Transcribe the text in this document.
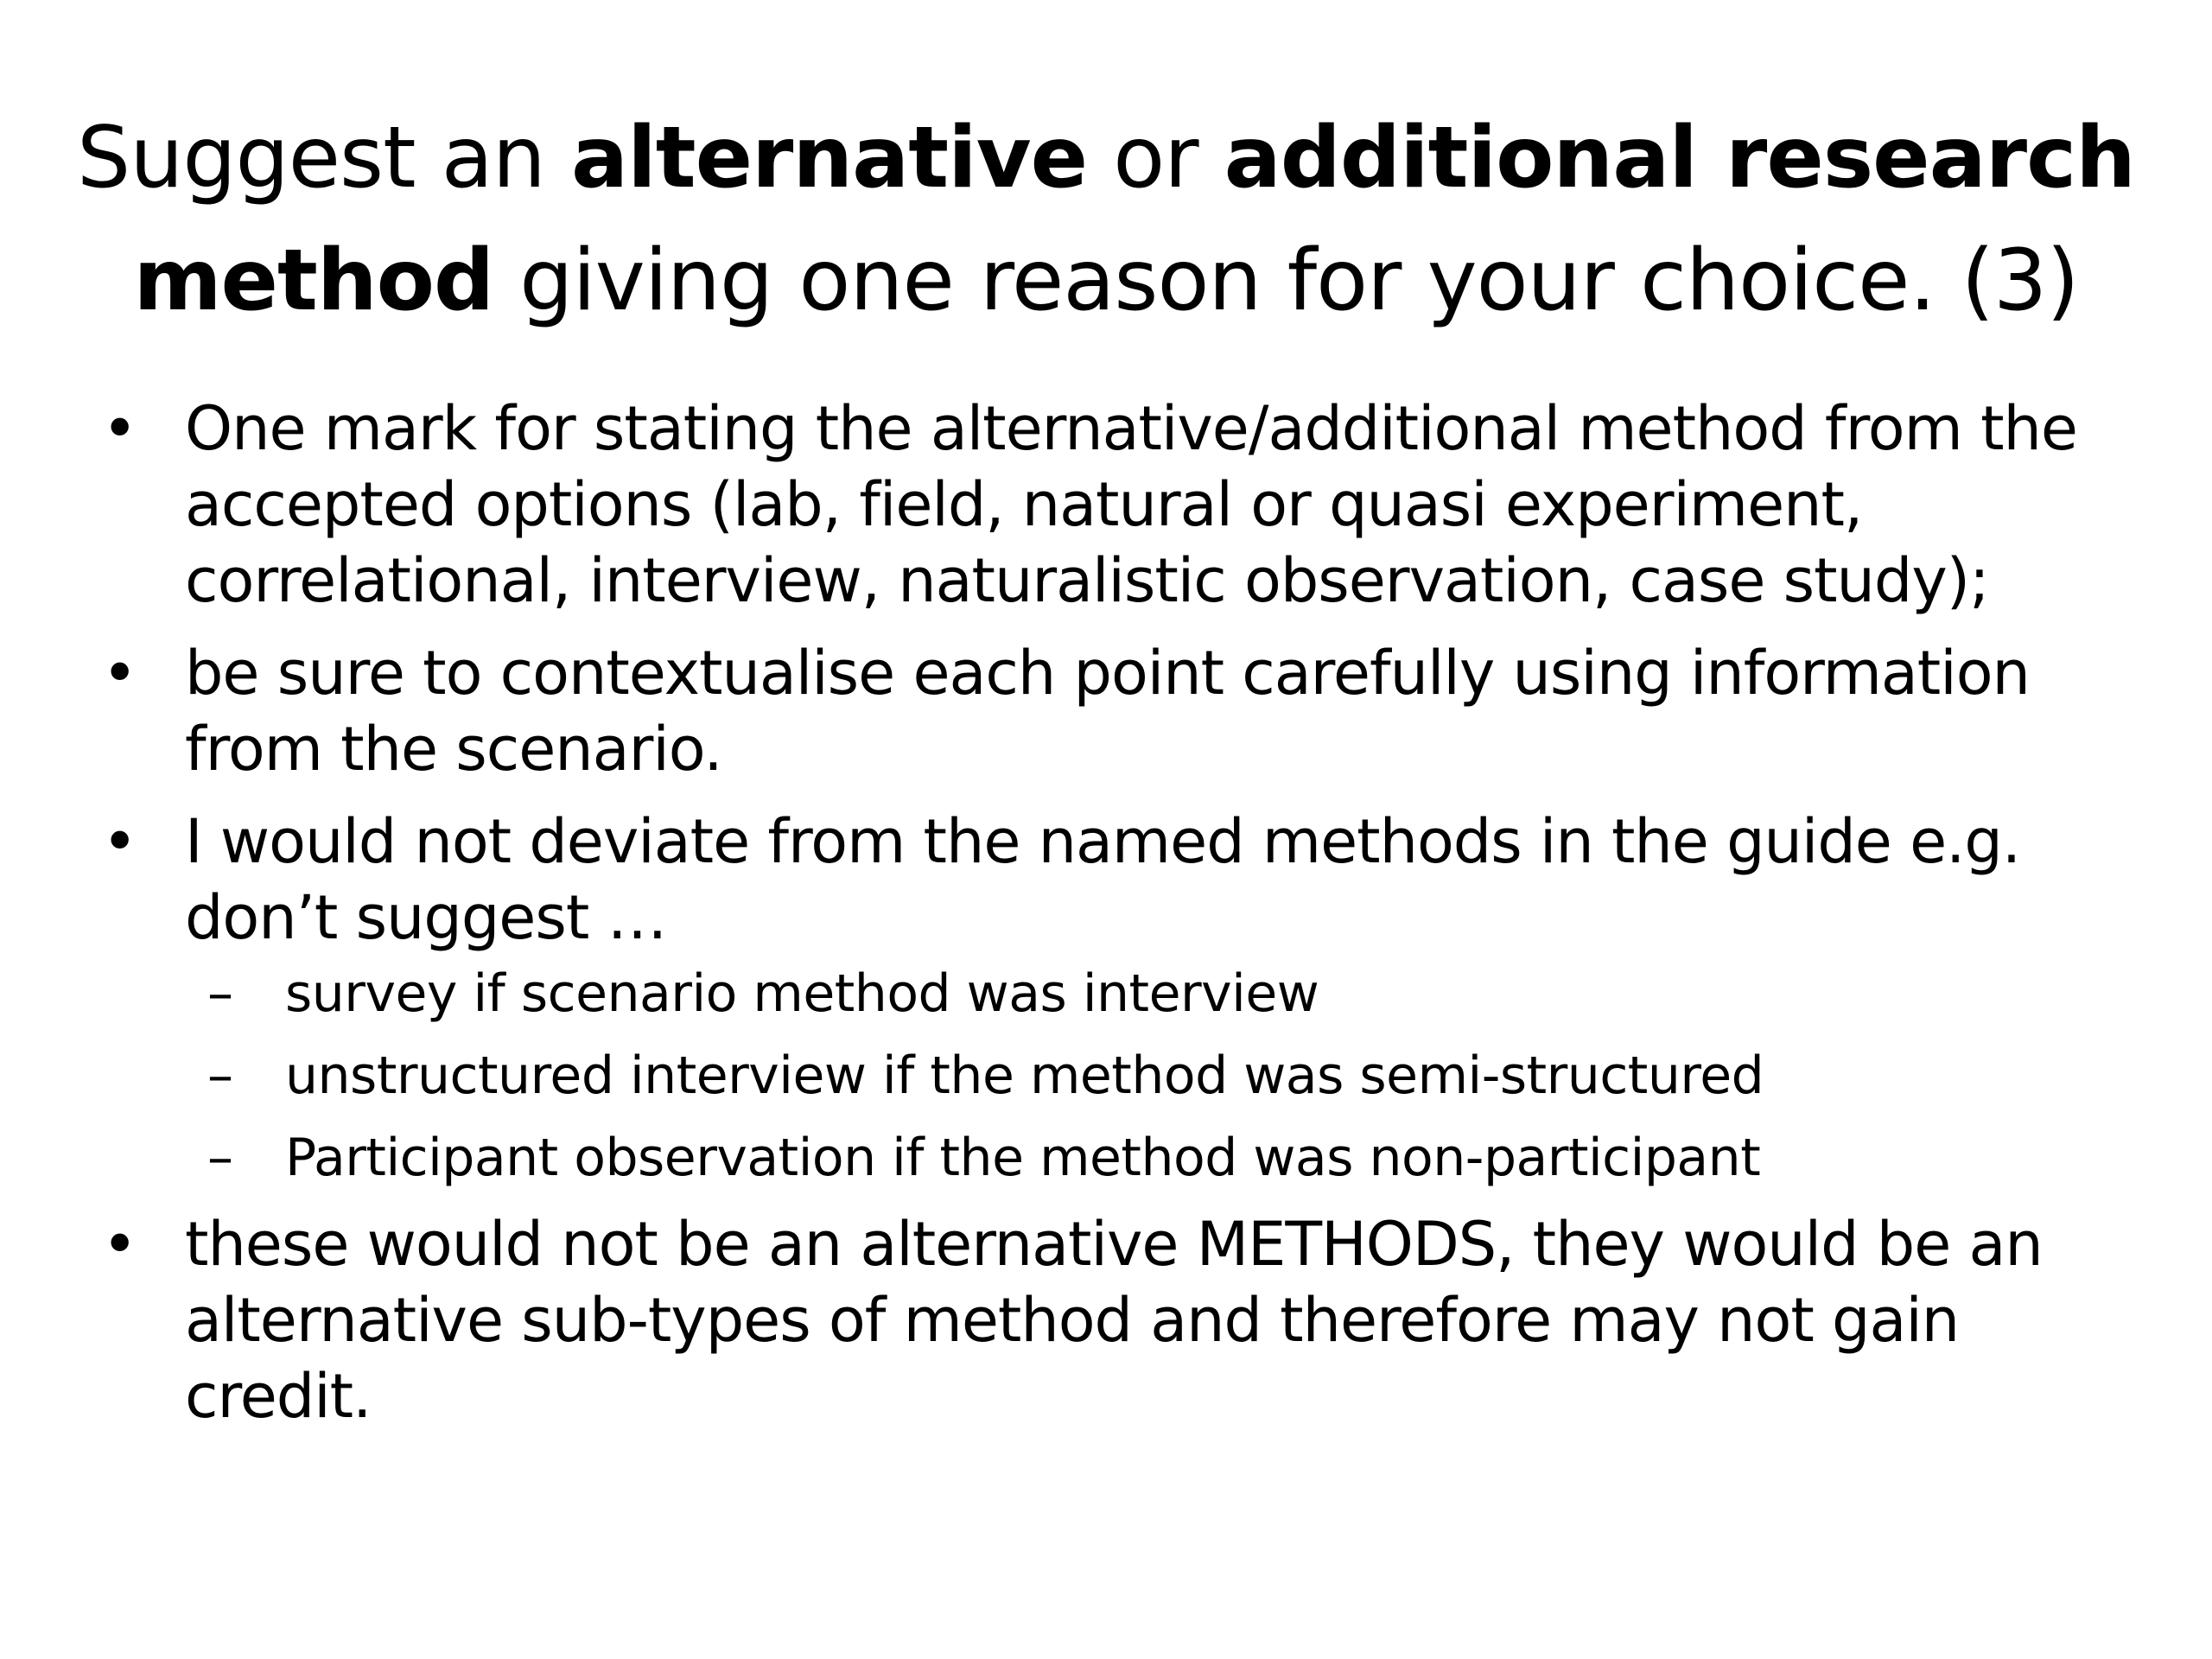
Suggest an alternative or additional research method giving one reason for your choice. (3)
• One mark for stating the alternative/additional method from the accepted options (lab, field, natural or quasi experiment, correlational, interview, naturalistic observation, case study);
• be sure to contextualise each point carefully using information from the scenario.
• I would not deviate from the named methods in the guide e.g. don’t suggest …
– survey if scenario method was interview
– unstructured interview if the method was semi-structured
– Participant observation if the method was non-participant
• these would not be an alternative METHODS, they would be an alternative sub-types of method and therefore may not gain credit.
